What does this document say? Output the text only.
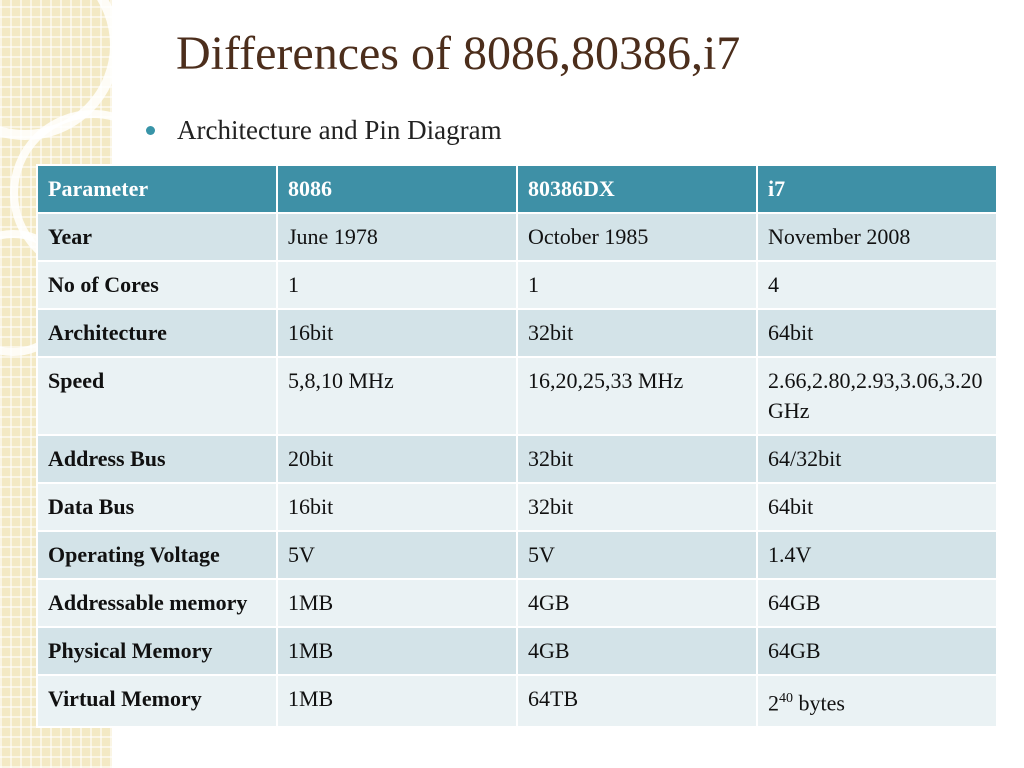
Differences of 8086,80386,i7
Architecture and Pin Diagram
Parameter	8086	80386DX	i7
Year	June 1978	October 1985	November 2008
No of Cores	1	1	4
Architecture	16bit	32bit	64bit
Speed	5,8,10 MHz	16,20,25,33 MHz	2.66,2.80,2.93,3.06,3.20 GHz
Address Bus	20bit	32bit	64/32bit
Data Bus	16bit	32bit	64bit
Operating Voltage	5V	5V	1.4V
Addressable memory	1MB	4GB	64GB
Physical Memory	1MB	4GB	64GB
Virtual Memory	1MB	64TB	$2^{40}$ bytes
